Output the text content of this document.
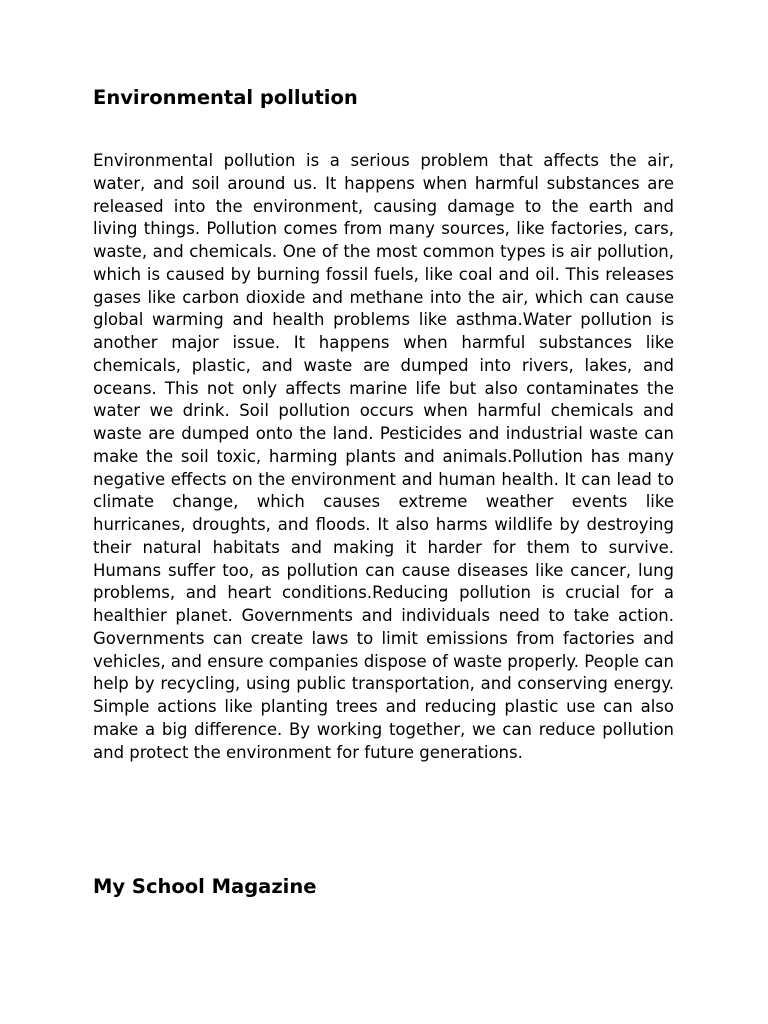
Environmental pollution

Environmental pollution is a serious problem that affects the air, water, and soil around us. It happens when harmful substances are released into the environment, causing damage to the earth and living things. Pollution comes from many sources, like factories, cars, waste, and chemicals. One of the most common types is air pollution, which is caused by burning fossil fuels, like coal and oil. This releases gases like carbon dioxide and methane into the air, which can cause global warming and health problems like asthma.Water pollution is another major issue. It happens when harmful substances like chemicals, plastic, and waste are dumped into rivers, lakes, and oceans. This not only affects marine life but also contaminates the water we drink. Soil pollution occurs when harmful chemicals and waste are dumped onto the land. Pesticides and industrial waste can make the soil toxic, harming plants and animals.Pollution has many negative effects on the environment and human health. It can lead to climate change, which causes extreme weather events like hurricanes, droughts, and floods. It also harms wildlife by destroying their natural habitats and making it harder for them to survive. Humans suffer too, as pollution can cause diseases like cancer, lung problems, and heart conditions.Reducing pollution is crucial for a healthier planet. Governments and individuals need to take action. Governments can create laws to limit emissions from factories and vehicles, and ensure companies dispose of waste properly. People can help by recycling, using public transportation, and conserving energy. Simple actions like planting trees and reducing plastic use can also make a big difference. By working together, we can reduce pollution and protect the environment for future generations.

My School Magazine
